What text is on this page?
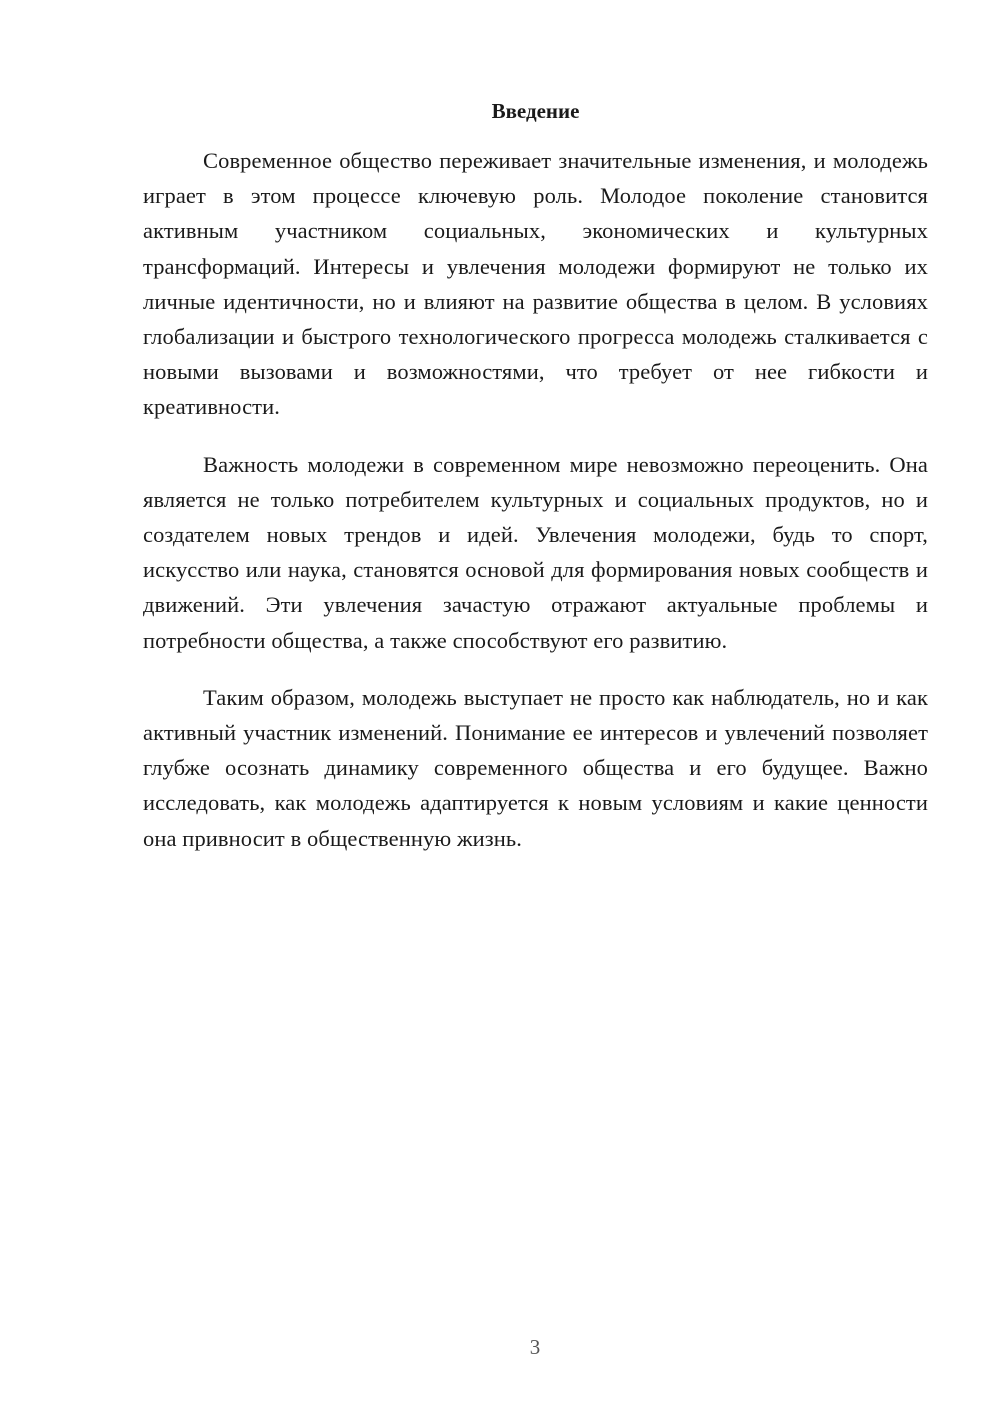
Введение

Современное общество переживает значительные изменения, и молодежь играет в этом процессе ключевую роль. Молодое поколение становится активным участником социальных, экономических и культурных трансформаций. Интересы и увлечения молодежи формируют не только их личные идентичности, но и влияют на развитие общества в целом. В условиях глобализации и быстрого технологического прогресса молодежь сталкивается с новыми вызовами и возможностями, что требует от нее гибкости и креативности.

Важность молодежи в современном мире невозможно переоценить. Она является не только потребителем культурных и социальных продуктов, но и создателем новых трендов и идей. Увлечения молодежи, будь то спорт, искусство или наука, становятся основой для формирования новых сообществ и движений. Эти увлечения зачастую отражают актуальные проблемы и потребности общества, а также способствуют его развитию.

Таким образом, молодежь выступает не просто как наблюдатель, но и как активный участник изменений. Понимание ее интересов и увлечений позволяет глубже осознать динамику современного общества и его будущее. Важно исследовать, как молодежь адаптируется к новым условиям и какие ценности она привносит в общественную жизнь.

3
